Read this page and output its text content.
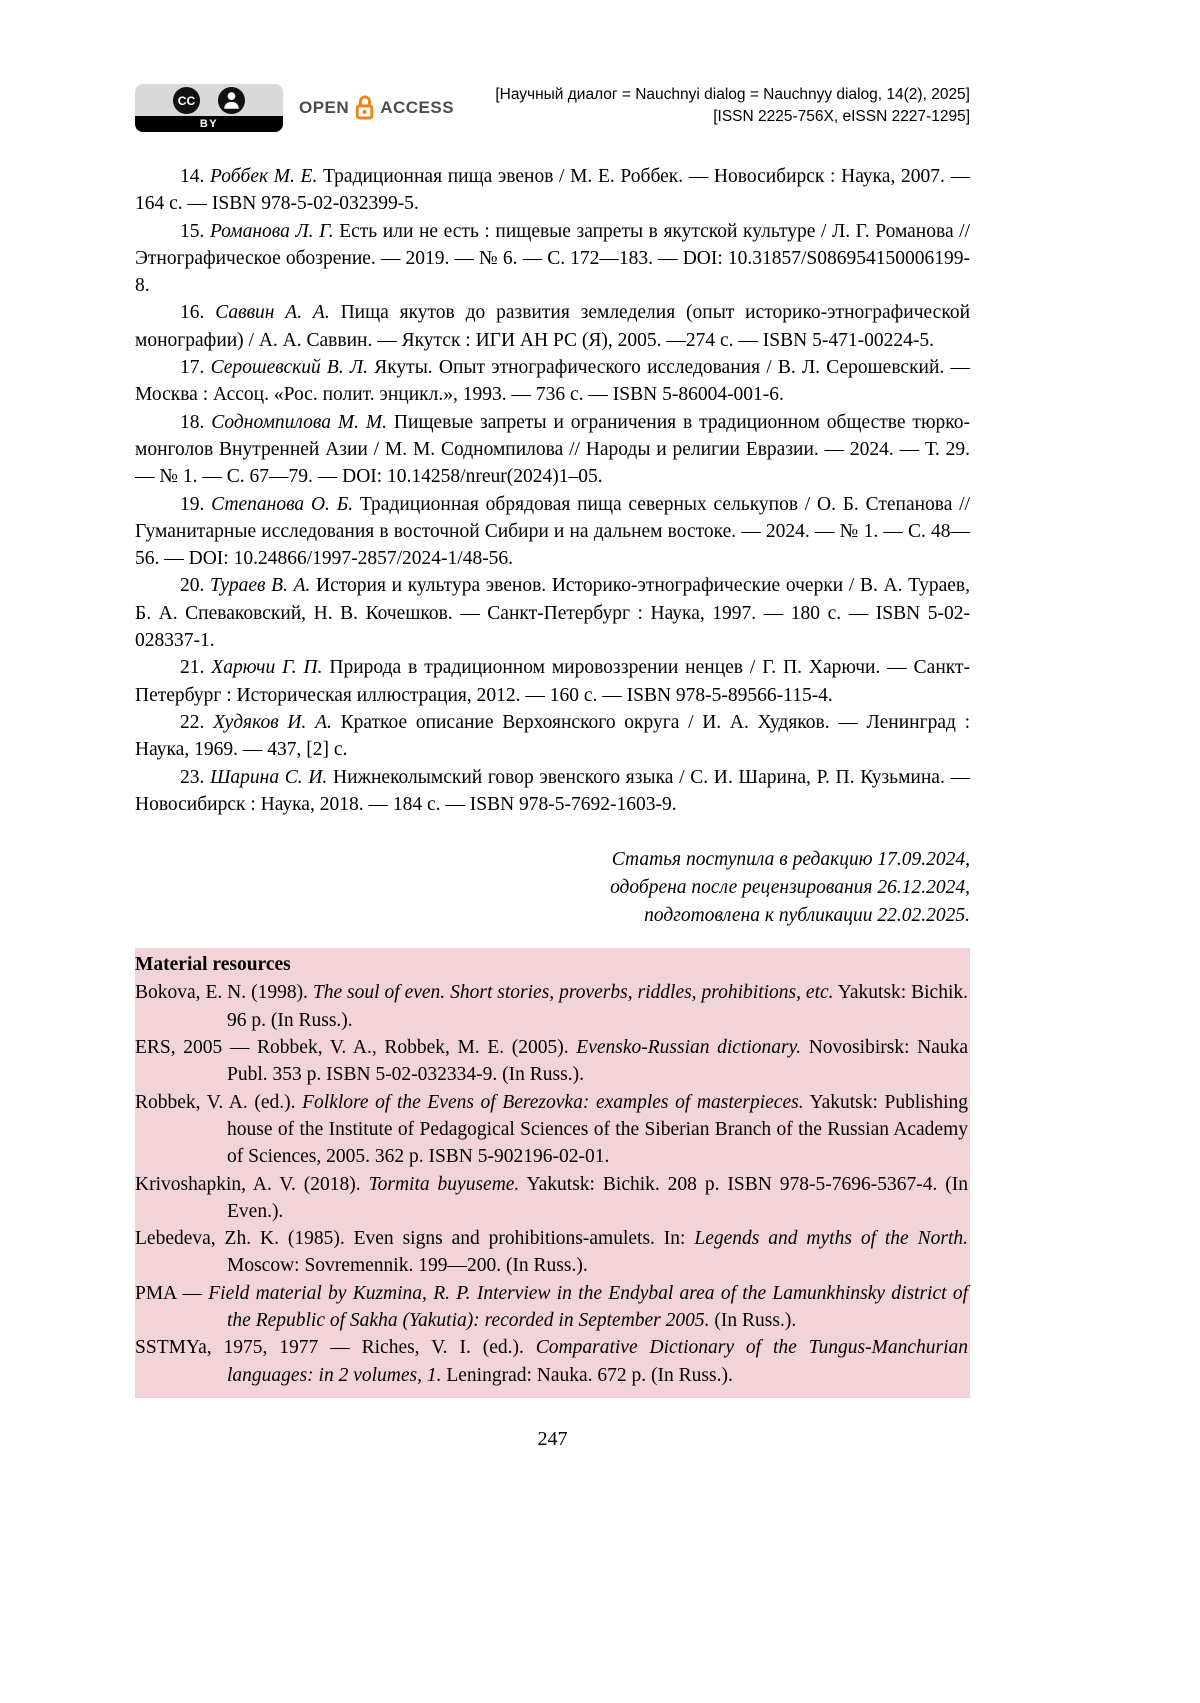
CC
BY
OPEN ACCESS
[Научный диалог = Nauchnyi dialog = Nauchnyy dialog, 14(2), 2025]
[ISSN 2225-756X, eISSN 2227-1295]

14. Роббек М. Е. Традиционная пища эвенов / М. Е. Роббек. — Новосибирск : Наука, 2007. — 164 с. — ISBN 978-5-02-032399-5.

15. Романова Л. Г. Есть или не есть : пищевые запреты в якутской культуре / Л. Г. Романова // Этнографическое обозрение. — 2019. — № 6. — С. 172—183. — DOI: 10.31857/S086954150006199-8.

16. Саввин А. А. Пища якутов до развития земледелия (опыт историко-этнографической монографии) / А. А. Саввин. — Якутск : ИГИ АН РС (Я), 2005. —274 с. — ISBN 5-471-00224-5.

17. Серошевский В. Л. Якуты. Опыт этнографического исследования / В. Л. Серошевский. — Москва : Ассоц. «Рос. полит. энцикл.», 1993. — 736 с. — ISBN 5-86004-001-6.

18. Содномпилова М. М. Пищевые запреты и ограничения в традиционном обществе тюрко-монголов Внутренней Азии / М. М. Содномпилова // Народы и религии Евразии. — 2024. — Т. 29. — № 1. — С. 67—79. — DOI: 10.14258/nreur(2024)1–05.

19. Степанова О. Б. Традиционная обрядовая пища северных селькупов / О. Б. Степанова // Гуманитарные исследования в восточной Сибири и на дальнем востоке. — 2024. — № 1. — С. 48—56. — DOI: 10.24866/1997-2857/2024-1/48-56.

20. Тураев В. А. История и культура эвенов. Историко-этнографические очерки / В. А. Тураев, Б. А. Спеваковский, Н. В. Кочешков. — Санкт-Петербург : Наука, 1997. — 180 с. — ISBN 5-02-028337-1.

21. Харючи Г. П. Природа в традиционном мировоззрении ненцев / Г. П. Харючи. — Санкт-Петербург : Историческая иллюстрация, 2012. — 160 с. — ISBN 978-5-89566-115-4.

22. Худяков И. А. Краткое описание Верхоянского округа / И. А. Худяков. — Ленинград : Наука, 1969. — 437, [2] с.

23. Шарина С. И. Нижнеколымский говор эвенского языка / С. И. Шарина, Р. П. Кузьмина. — Новосибирск : Наука, 2018. — 184 с. — ISBN 978-5-7692-1603-9.

Статья поступила в редакцию 17.09.2024,
одобрена после рецензирования 26.12.2024,
подготовлена к публикации 22.02.2025.
Material resources

Bokova, E. N. (1998). The soul of even. Short stories, proverbs, riddles, prohibitions, etc. Yakutsk: Bichik. 96 p. (In Russ.).

ERS, 2005 — Robbek, V. A., Robbek, M. E. (2005). Evensko-Russian dictionary. Novosibirsk: Nauka Publ. 353 p. ISBN 5-02-032334-9. (In Russ.).

Robbek, V. A. (ed.). Folklore of the Evens of Berezovka: examples of masterpieces. Yakutsk: Publishing house of the Institute of Pedagogical Sciences of the Siberian Branch of the Russian Academy of Sciences, 2005. 362 p. ISBN 5-902196-02-01.

Krivoshapkin, A. V. (2018). Tormita buyuseme. Yakutsk: Bichik. 208 p. ISBN 978-5-7696-5367-4. (In Even.).

Lebedeva, Zh. K. (1985). Even signs and prohibitions-amulets. In: Legends and myths of the North. Moscow: Sovremennik. 199—200. (In Russ.).

PMA — Field material by Kuzmina, R. P. Interview in the Endybal area of the Lamunkhinsky district of the Republic of Sakha (Yakutia): recorded in September 2005. (In Russ.).

SSTMYa, 1975, 1977 — Riches, V. I. (ed.). Comparative Dictionary of the Tungus-Manchurian languages: in 2 volumes, 1. Leningrad: Nauka. 672 p. (In Russ.).

247
